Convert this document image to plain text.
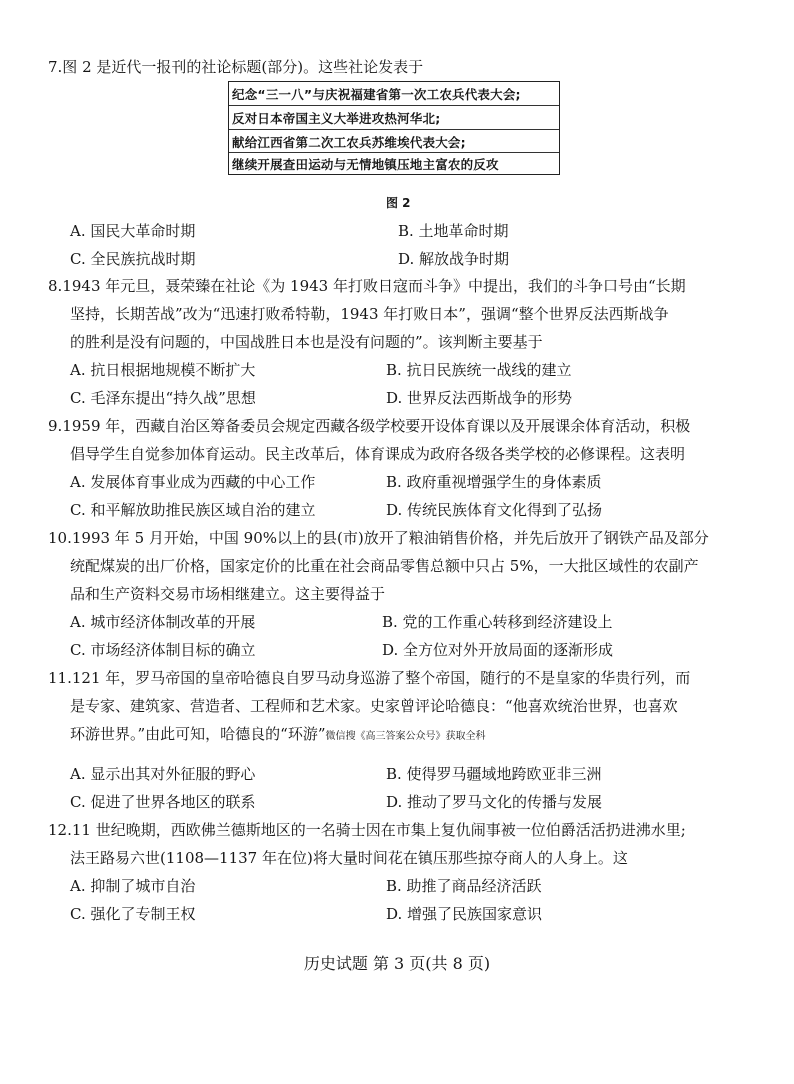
7.图 2 是近代一报刊的社论标题(部分)。这些社论发表于
纪念“三一八”与庆祝福建省第一次工农兵代表大会;
反对日本帝国主义大举进攻热河华北;
献给江西省第二次工农兵苏维埃代表大会;
继续开展查田运动与无情地镇压地主富农的反攻
图 2
A. 国民大革命时期	B. 土地革命时期
C. 全民族抗战时期	D. 解放战争时期
8.1943 年元旦，聂荣臻在社论《为 1943 年打败日寇而斗争》中提出，我们的斗争口号由“长期
坚持，长期苦战”改为“迅速打败希特勒，1943 年打败日本”，强调“整个世界反法西斯战争
的胜利是没有问题的，中国战胜日本也是没有问题的”。该判断主要基于
A. 抗日根据地规模不断扩大	B. 抗日民族统一战线的建立
C. 毛泽东提出“持久战”思想	D. 世界反法西斯战争的形势
9.1959 年，西藏自治区筹备委员会规定西藏各级学校要开设体育课以及开展课余体育活动，积极
倡导学生自觉参加体育运动。民主改革后，体育课成为政府各级各类学校的必修课程。这表明
A. 发展体育事业成为西藏的中心工作	B. 政府重视增强学生的身体素质
C. 和平解放助推民族区域自治的建立	D. 传统民族体育文化得到了弘扬
10.1993 年 5 月开始，中国 90%以上的县(市)放开了粮油销售价格，并先后放开了钢铁产品及部分
统配煤炭的出厂价格，国家定价的比重在社会商品零售总额中只占 5%，一大批区域性的农副产
品和生产资料交易市场相继建立。这主要得益于
A. 城市经济体制改革的开展	B. 党的工作重心转移到经济建设上
C. 市场经济体制目标的确立	D. 全方位对外开放局面的逐渐形成
11.121 年，罗马帝国的皇帝哈德良自罗马动身巡游了整个帝国，随行的不是皇家的华贵行列，而
是专家、建筑家、营造者、工程师和艺术家。史家曾评论哈德良：“他喜欢统治世界，也喜欢
环游世界。”由此可知，哈德良的“环游”微信搜《高三答案公众号》获取全科
A. 显示出其对外征服的野心	B. 使得罗马疆域地跨欧亚非三洲
C. 促进了世界各地区的联系	D. 推动了罗马文化的传播与发展
12.11 世纪晚期，西欧佛兰德斯地区的一名骑士因在市集上复仇闹事被一位伯爵活活扔进沸水里;
法王路易六世(1108—1137 年在位)将大量时间花在镇压那些掠夺商人的人身上。这
A. 抑制了城市自治	B. 助推了商品经济活跃
C. 强化了专制王权	D. 增强了民族国家意识
历史试题 第 3 页(共 8 页)
